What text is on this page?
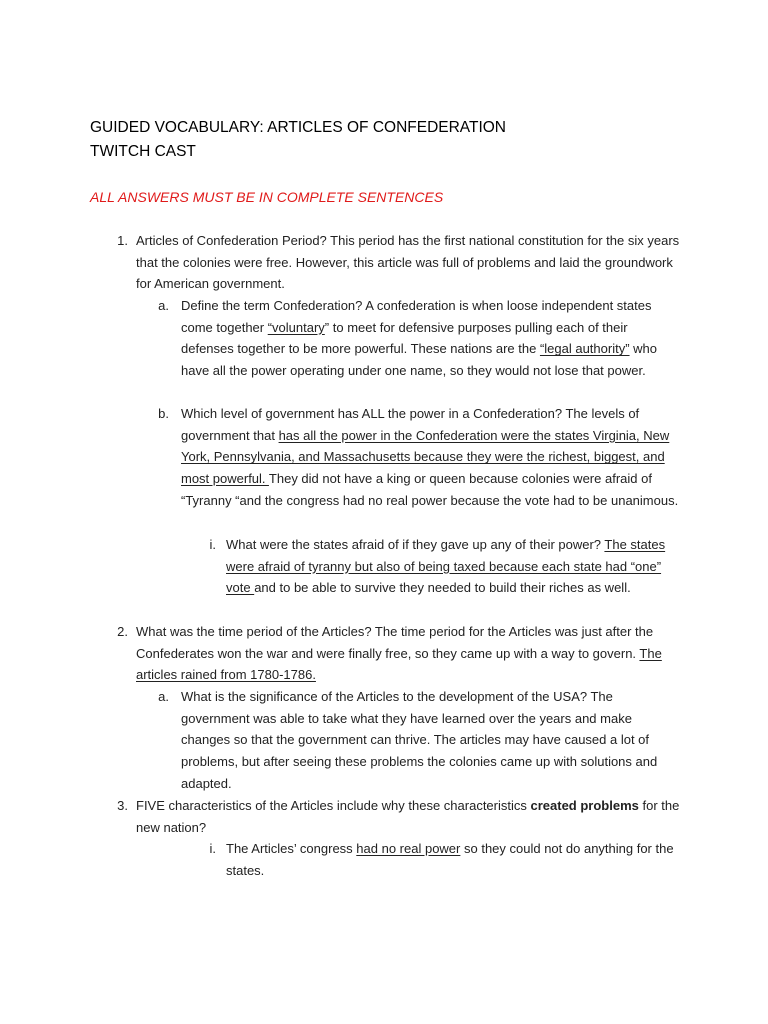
GUIDED VOCABULARY: ARTICLES OF CONFEDERATION
TWITCH CAST
ALL ANSWERS MUST BE IN COMPLETE SENTENCES
1. Articles of Confederation Period? This period has the first national constitution for the six years that the colonies were free. However, this article was full of problems and laid the groundwork for American government.
a. Define the term Confederation? A confederation is when loose independent states come together “voluntary” to meet for defensive purposes pulling each of their defenses together to be more powerful. These nations are the “legal authority” who have all the power operating under one name, so they would not lose that power.
b. Which level of government has ALL the power in a Confederation? The levels of government that has all the power in the Confederation were the states Virginia, New York, Pennsylvania, and Massachusetts because they were the richest, biggest, and most powerful. They did not have a king or queen because colonies were afraid of “Tyranny “and the congress had no real power because the vote had to be unanimous.
i. What were the states afraid of if they gave up any of their power? The states were afraid of tyranny but also of being taxed because each state had “one” vote and to be able to survive they needed to build their riches as well.
2. What was the time period of the Articles? The time period for the Articles was just after the Confederates won the war and were finally free, so they came up with a way to govern. The articles rained from 1780-1786.
a. What is the significance of the Articles to the development of the USA? The government was able to take what they have learned over the years and make changes so that the government can thrive. The articles may have caused a lot of problems, but after seeing these problems the colonies came up with solutions and adapted.
3. FIVE characteristics of the Articles include why these characteristics created problems for the new nation?
i. The Articles’ congress had no real power so they could not do anything for the states.
